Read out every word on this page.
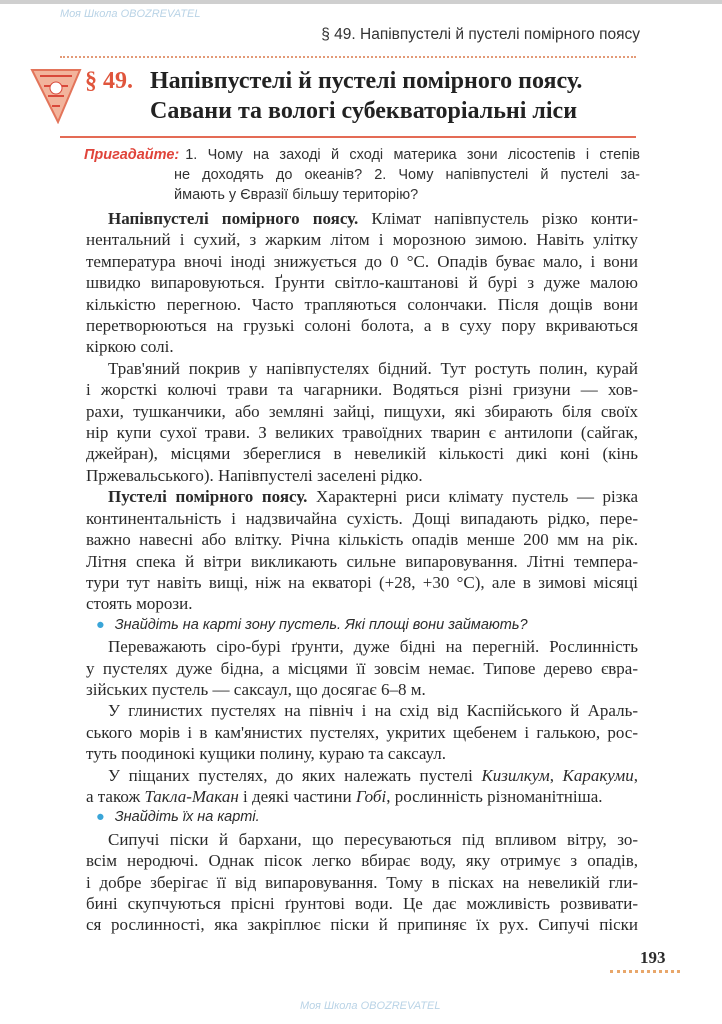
Моя Школа OBOZREVATEL
Моя Школа OBOZREVATEL
§ 49. Напівпустелі й пустелі помірного поясу
§ 49. Напівпустелі й пустелі помірного поясу.
Савани та вологі субекваторіальні ліси
Пригадайте: 1. Чому на заході й сході материка зони лісостепів і степів
не доходять до океанів? 2. Чому напівпустелі й пустелі за-
ймають у Євразії більшу територію?
Напівпустелі помірного поясу. Клімат напівпустель різко конти-
нентальний і сухий, з жарким літом і морозною зимою. Навіть улітку
температура вночі іноді знижується до 0 °С. Опадів буває мало, і вони
швидко випаровуються. Ґрунти світло-каштанові й бурі з дуже малою
кількістю перегною. Часто трапляються солончаки. Після дощів вони
перетворюються на грузькі солоні болота, а в суху пору вкриваються
кіркою солі.
Трав'яний покрив у напівпустелях бідний. Тут ростуть полин, курай
і жорсткі колючі трави та чагарники. Водяться різні гризуни — хов-
рахи, тушканчики, або земляні зайці, пищухи, які збирають біля своїх
нір купи сухої трави. З великих травоїдних тварин є антилопи (сайгак,
джейран), місцями збереглися в невеликій кількості дикі коні (кінь
Пржевальського). Напівпустелі заселені рідко.
Пустелі помірного поясу. Характерні риси клімату пустель — різка
континентальність і надзвичайна сухість. Дощі випадають рідко, пере-
важно навесні або влітку. Річна кількість опадів менше 200 мм на рік.
Літня спека й вітри викликають сильне випаровування. Літні темпера-
тури тут навіть вищі, ніж на екваторі (+28, +30 °С), але в зимові місяці
стоять морози.
● Знайдіть на карті зону пустель. Які площі вони займають?
Переважають сіро-бурі ґрунти, дуже бідні на перегній. Рослинність
у пустелях дуже бідна, а місцями її зовсім немає. Типове дерево євра-
зійських пустель — саксаул, що досягає 6–8 м.
У глинистих пустелях на північ і на схід від Каспійського й Араль-
ського морів і в кам'янистих пустелях, укритих щебенем і галькою, рос-
туть поодинокі кущики полину, кураю та саксаул.
У піщаних пустелях, до яких належать пустелі Кизилкум, Каракуми,
а також Такла-Макан і деякі частини Гобі, рослинність різноманітніша.
● Знайдіть їх на карті.
Сипучі піски й бархани, що пересуваються під впливом вітру, зо-
всім неродючі. Однак пісок легко вбирає воду, яку отримує з опадів,
і добре зберігає її від випаровування. Тому в пісках на невеликій гли-
бині скупчуються прісні ґрунтові води. Це дає можливість розвивати-
ся рослинності, яка закріплює піски й припиняє їх рух. Сипучі піски
193
